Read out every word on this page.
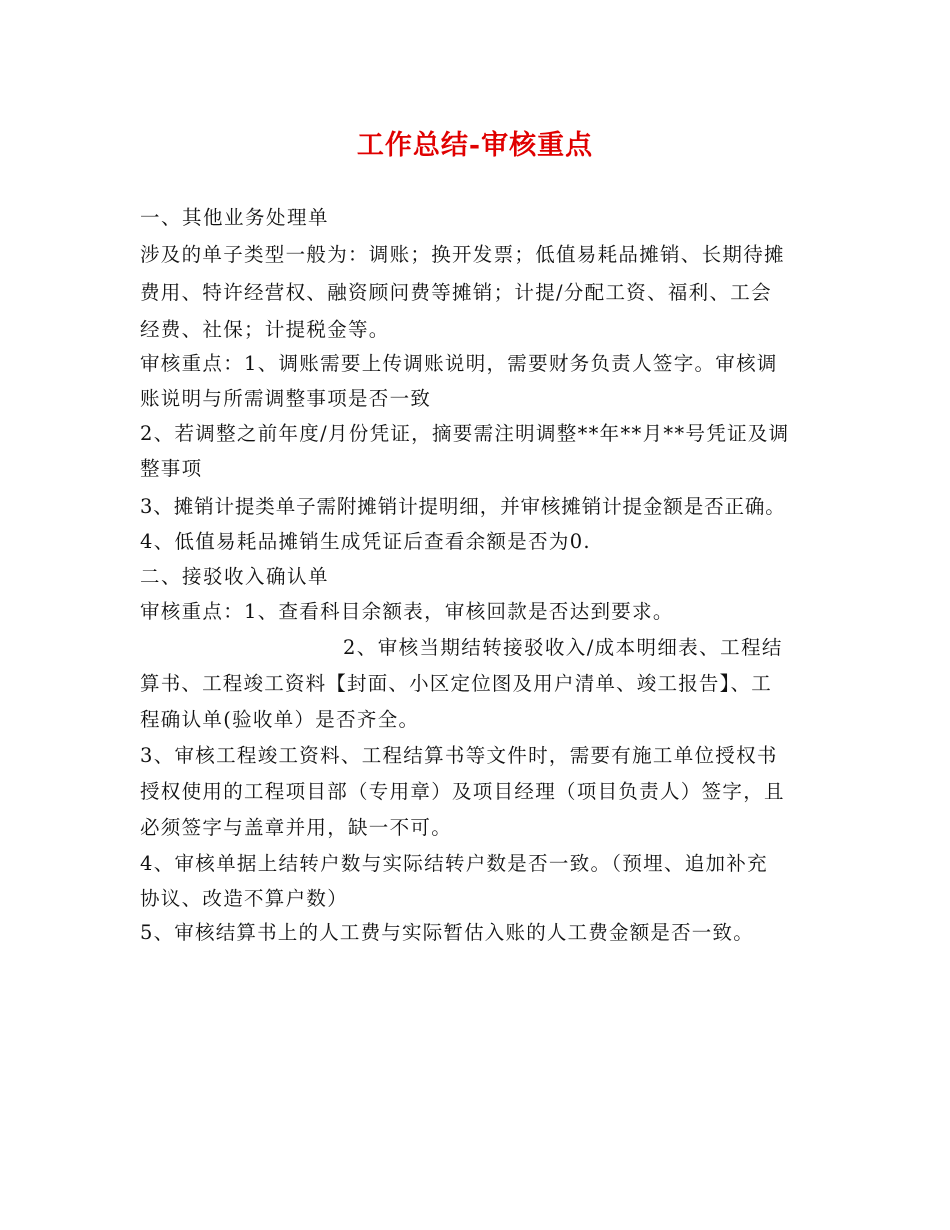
工作总结-审核重点
一、其他业务处理单
涉及的单子类型一般为：调账；换开发票；低值易耗品摊销、长期待摊
费用、特许经营权、融资顾问费等摊销；计提/分配工资、福利、工会
经费、社保；计提税金等。
审核重点：1、调账需要上传调账说明，需要财务负责人签字。审核调
账说明与所需调整事项是否一致
2、若调整之前年度/月份凭证，摘要需注明调整**年**月**号凭证及调
整事项
3、摊销计提类单子需附摊销计提明细，并审核摊销计提金额是否正确。
4、低值易耗品摊销生成凭证后查看余额是否为0.
二、接驳收入确认单
审核重点：1、查看科目余额表，审核回款是否达到要求。
2、审核当期结转接驳收入/成本明细表、工程结
算书、工程竣工资料【封面、小区定位图及用户清单、竣工报告】、工
程确认单(验收单）是否齐全。
3、审核工程竣工资料、工程结算书等文件时，需要有施工单位授权书
授权使用的工程项目部（专用章）及项目经理（项目负责人）签字，且
必须签字与盖章并用，缺一不可。
4、审核单据上结转户数与实际结转户数是否一致。（预埋、追加补充
协议、改造不算户数）
5、审核结算书上的人工费与实际暂估入账的人工费金额是否一致。
